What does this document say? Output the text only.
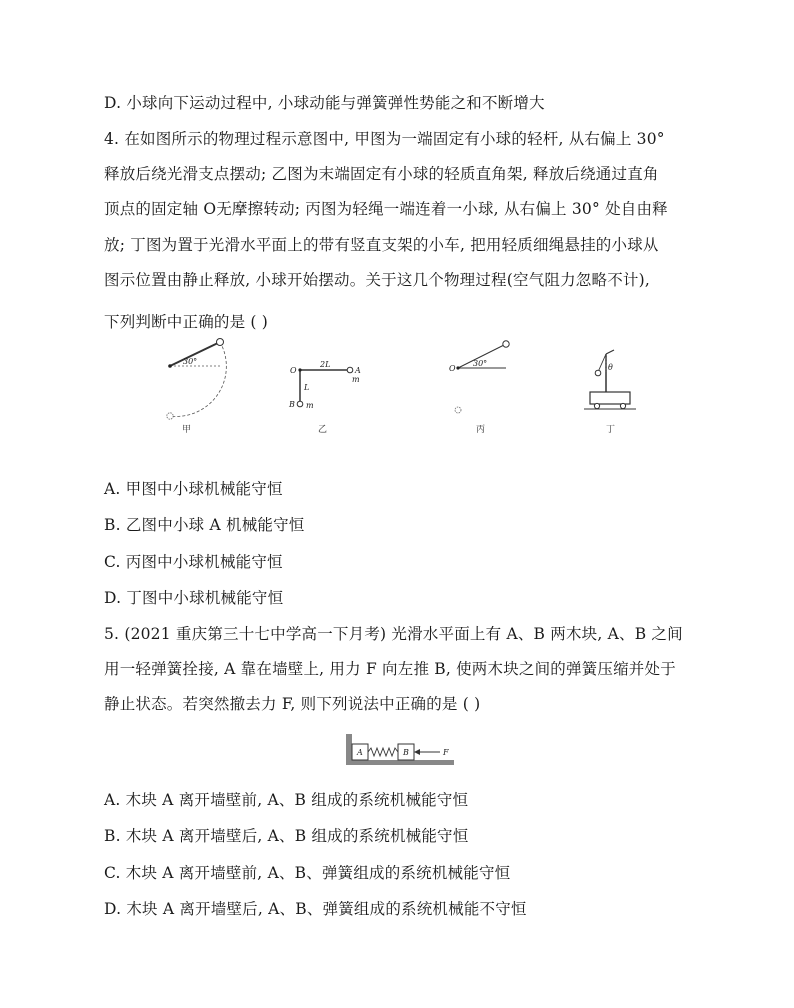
D. 小球向下运动过程中, 小球动能与弹簧弹性势能之和不断增大
4. 在如图所示的物理过程示意图中, 甲图为一端固定有小球的轻杆, 从右偏上 30°
释放后绕光滑支点摆动; 乙图为末端固定有小球的轻质直角架, 释放后绕通过直角
顶点的固定轴 O无摩擦转动; 丙图为轻绳一端连着一小球, 从右偏上 30° 处自由释
放; 丁图为置于光滑水平面上的带有竖直支架的小车, 把用轻质细绳悬挂的小球从
图示位置由静止释放, 小球开始摆动。关于这几个物理过程(空气阻力忽略不计),
下列判断中正确的是 ( )
30°
甲
O
2L
L
A
m
B m
乙
O
30°
丙
θ
丁
A. 甲图中小球机械能守恒
B. 乙图中小球 A 机械能守恒
C. 丙图中小球机械能守恒
D. 丁图中小球机械能守恒
5. (2021 重庆第三十七中学高一下月考) 光滑水平面上有 A、B 两木块, A、B 之间
用一轻弹簧拴接, A 靠在墙壁上, 用力 F 向左推 B, 使两木块之间的弹簧压缩并处于
静止状态。若突然撤去力 F, 则下列说法中正确的是 ( )
A	B	F
A. 木块 A 离开墙壁前, A、B 组成的系统机械能守恒
B. 木块 A 离开墙壁后, A、B 组成的系统机械能守恒
C. 木块 A 离开墙壁前, A、B、弹簧组成的系统机械能守恒
D. 木块 A 离开墙壁后, A、B、弹簧组成的系统机械能不守恒
